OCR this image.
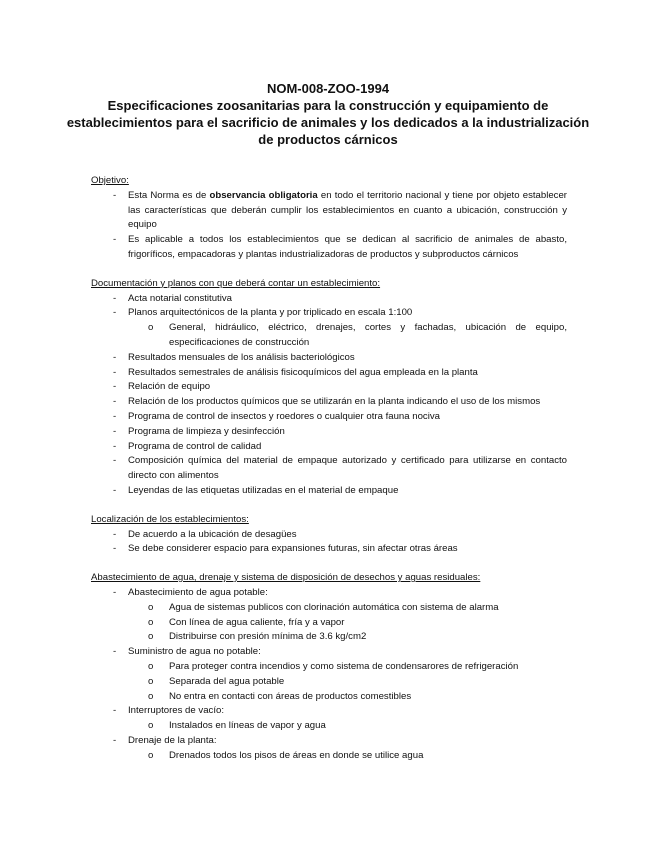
NOM-008-ZOO-1994
Especificaciones zoosanitarias para la construcción y equipamiento de establecimientos para el sacrificio de animales y los dedicados a la industrialización de productos cárnicos
Objetivo:
- Esta Norma es de observancia obligatoria en todo el territorio nacional y tiene por objeto establecer las características que deberán cumplir los establecimientos en cuanto a ubicación, construcción y equipo
- Es aplicable a todos los establecimientos que se dedican al sacrificio de animales de abasto, frigoríficos, empacadoras y plantas industrializadoras de productos y subproductos cárnicos
Documentación y planos con que deberá contar un establecimiento:
- Acta notarial constitutiva
- Planos arquitectónicos de la planta y por triplicado en escala 1:100
o General, hidráulico, eléctrico, drenajes, cortes y fachadas, ubicación de equipo, especificaciones de construcción
- Resultados mensuales de los análisis bacteriológicos
- Resultados semestrales de análisis fisicoquímicos del agua empleada en la planta
- Relación de equipo
- Relación de los productos químicos que se utilizarán en la planta indicando el uso de los mismos
- Programa de control de insectos y roedores o cualquier otra fauna nociva
- Programa de limpieza y desinfección
- Programa de control de calidad
- Composición química del material de empaque autorizado y certificado para utilizarse en contacto directo con alimentos
- Leyendas de las etiquetas utilizadas en el material de empaque
Localización de los establecimientos:
- De acuerdo a la ubicación de desagües
- Se debe considerer espacio para expansiones futuras, sin afectar otras áreas
Abastecimiento de agua, drenaje y sistema de disposición de desechos y aguas residuales:
- Abastecimiento de agua potable:
o Agua de sistemas publicos con clorinación automática con sistema de alarma
o Con línea de agua caliente, fría y a vapor
o Distribuirse con presión mínima de 3.6 kg/cm2
- Suministro de agua no potable:
o Para proteger contra incendios y como sistema de condensarores de refrigeración
o Separada del agua potable
o No entra en contacti con áreas de productos comestibles
- Interruptores de vacío:
o Instalados en líneas de vapor y agua
- Drenaje de la planta:
o Drenados todos los pisos de áreas en donde se utilice agua
